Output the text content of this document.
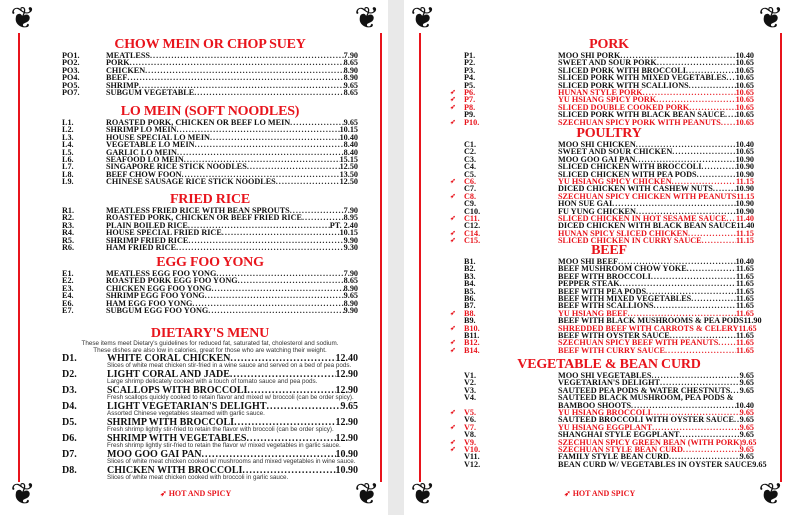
❦	❦
❦	❦
CHOW MEIN OR CHOP SUEY
PO1.	MEATLESS .....	7.90
PO2.	PORK .....	8.65
PO3.	CHICKEN .....	8.90
PO4.	BEEF .....	8.90
PO5.	SHRIMP .....	9.65
PO7.	SUBGUM VEGETABLE .....	8.65
LO MEIN (SOFT NOODLES)
L1.	ROASTED PORK, CHICKEN OR BEEF LO MEIN .....	9.65
L2.	SHRIMP LO MEIN .....	10.15
L3.	HOUSE SPECIAL LO MEIN .....	10.40
L4.	VEGETABLE LO MEIN .....	8.40
L5.	GARLIC LO MEIN .....	8.40
L6.	SEAFOOD LO MEIN .....	15.15
L7.	SINGAPORE RICE STICK NOODLES .....	12.50
L8.	BEEF CHOW FOON .....	13.50
L9.	CHINESE SAUSAGE RICE STICK NOODLES .....	12.50
FRIED RICE
R1.	MEATLESS FRIED RICE WITH BEAN SPROUTS .....	7.90
R2.	ROASTED PORK, CHICKEN OR BEEF FRIED RICE .....	8.95
R3.	PLAIN BOILED RICE .....	PT. 2.40
R4.	HOUSE SPECIAL FRIED RICE .....	10.15
R5.	SHRIMP FRIED RICE .....	9.90
R6.	HAM FRIED RICE .....	9.30
EGG FOO YONG
E1.	MEATLESS EGG FOO YONG .....	7.90
E2.	ROASTED PORK EGG FOO YONG .....	8.65
E3.	CHICKEN EGG FOO YONG .....	8.90
E4.	SHRIMP EGG FOO YONG .....	9.65
E6.	HAM EGG FOO YONG .....	8.90
E7.	SUBGUM EGG FOO YONG .....	9.90
DIETARY'S MENU
These items meet Dietary's guidelines for reduced fat, saturated fat, cholesterol and sodium.
These dishes are also low in calories, great for those who are watching their weight.
D1.	WHITE CORAL CHICKEN .....	12.40
Slices of white meat chicken stir-fried in a wine sauce and served on a bed of pea pods.
D2.	LIGHT CORAL AND JADE .....	12.90
Large shrimp delicately cooked with a touch of tomato sauce and pea pods.
D3.	SCALLOPS WITH BROCCOLI .....	12.90
Fresh scallops quickly cooked to retain flavor and mixed w/ broccoli (can be order spicy).
D4.	LIGHT VEGETARIAN'S DELIGHT .....	9.65
Assorted Chinese vegetables steamed with garlic sauce.
D5.	SHRIMP WITH BROCCOLI .....	12.90
Fresh shrimp lightly stir-fried to retain the flavor with broccoli (can be order spicy).
D6.	SHRIMP WITH VEGETABLES .....	12.90
Fresh shrimp lightly stir-fried to retain the flavor w/ mixed vegetables in garlic sauce.
D7.	MOO GOO GAI PAN .....	10.90
Slices of white meat chicken cooked w/ mushrooms and mixed vegetables in wine sauce.
D8.	CHICKEN WITH BROCCOLI .....	10.90
Slices of white meat chicken cooked with broccoli in garlic sauce.
➶ HOT AND SPICY
❦	❦
❦	❦
PORK
P1.	MOO SHI PORK .....	10.40
P2.	SWEET AND SOUR PORK .....	10.65
P3.	SLICED PORK WITH BROCCOLI .....	10.65
P4.	SLICED PORK WITH MIXED VEGETABLES ..... 10.65
P5.	SLICED PORK WITH SCALLIONS .....	10.65
➶ P6.	HUNAN STYLE PORK .....	10.65
➶ P7.	YU HSIANG SPICY PORK .....	10.65
➶ P8.	SLICED DOUBLE COOKED PORK .....	10.65
P9.	SLICED PORK WITH BLACK BEAN SAUCE ..... 10.65
➶ P10.	SZECHUAN SPICY PORK WITH PEANUTS ..... 10.65
POULTRY
C1.	MOO SHI CHICKEN .....	10.40
C2.	SWEET AND SOUR CHICKEN .....	10.65
C3.	MOO GOO GAI PAN .....	10.90
C4.	SLICED CHICKEN WITH BROCCOLI .....	10.90
C5.	SLICED CHICKEN WITH PEA PODS .....	10.90
➶ C6.	YU HSIANG SPICY CHICKEN .....	11.15
C7.	DICED CHICKEN WITH CASHEW NUTS .....	10.90
➶ C8.	SZECHUAN SPICY CHICKEN WITH PEANUTS 11.15
C9.	HON SUE GAI .....	10.90
C10.	FU YUNG CHICKEN .....	10.90
➶ C11.	SLICED CHICKEN IN HOT SESAME SAUCE ..... 11.40
C12.	DICED CHICKEN WITH BLACK BEAN SAUCE 11.40
➶ C14.	HUNAN SPICY SLICED CHICKEN .....	11.15
➶ C15.	SLICED CHICKEN IN CURRY SAUCE .....	11.15
BEEF
B1.	MOO SHI BEEF .....	10.40
B2.	BEEF MUSHROOM CHOW YOKE .....	11.65
B3.	BEEF WITH BROCCOLI .....	11.65
B4.	PEPPER STEAK .....	11.65
B5.	BEEF WITH PEA PODS .....	11.65
B6.	BEEF WITH MIXED VEGETABLES .....	11.65
B7.	BEEF WITH SCALLIONS .....	11.65
➶ B8.	YU HSIANG BEEF .....	11.65
B9.	BEEF WITH BLACK MUSHROOMS & PEA PODS 11.90
➶ B10.	SHREDDED BEEF WITH CARROTS & CELERY 11.65
B11.	BEEF WITH OYSTER SAUCE .....	11.65
➶ B12.	SZECHUAN SPICY BEEF WITH PEANUTS ..... 11.65
➶ B14.	BEEF WITH CURRY SAUCE .....	11.65
VEGETABLE & BEAN CURD
V1.	MOO SHI VEGETABLES .....	9.65
V2.	VEGETARIAN'S DELIGHT .....	9.65
V3.	SAUTEED PEA PODS & WATER CHESTNUTS ..... 9.65
V4.	SAUTEED BLACK MUSHROOM, PEA PODS &
BAMBOO SHOOTS .....	10.40
➶ V5.	YU HSIANG BROCCOLI .....	9.65
V6.	SAUTEED BROCCOLI WITH OYSTER SAUCE ..... 9.65
➶ V7.	YU HSIANG EGGPLANT .....	9.65
V8.	SHANGHAI STYLE EGGPLANT .....	9.65
➶ V9.	SZECHUAN SPICY GREEN BEAN (WITH PORK) 9.65
➶ V10.	SZECHUAN STYLE BEAN CURD .....	9.65
V11.	FAMILY STYLE BEAN CURD .....	9.65
V12.	BEAN CURD W/ VEGETABLES IN OYSTER SAUCE 9.65
➶ HOT AND SPICY
